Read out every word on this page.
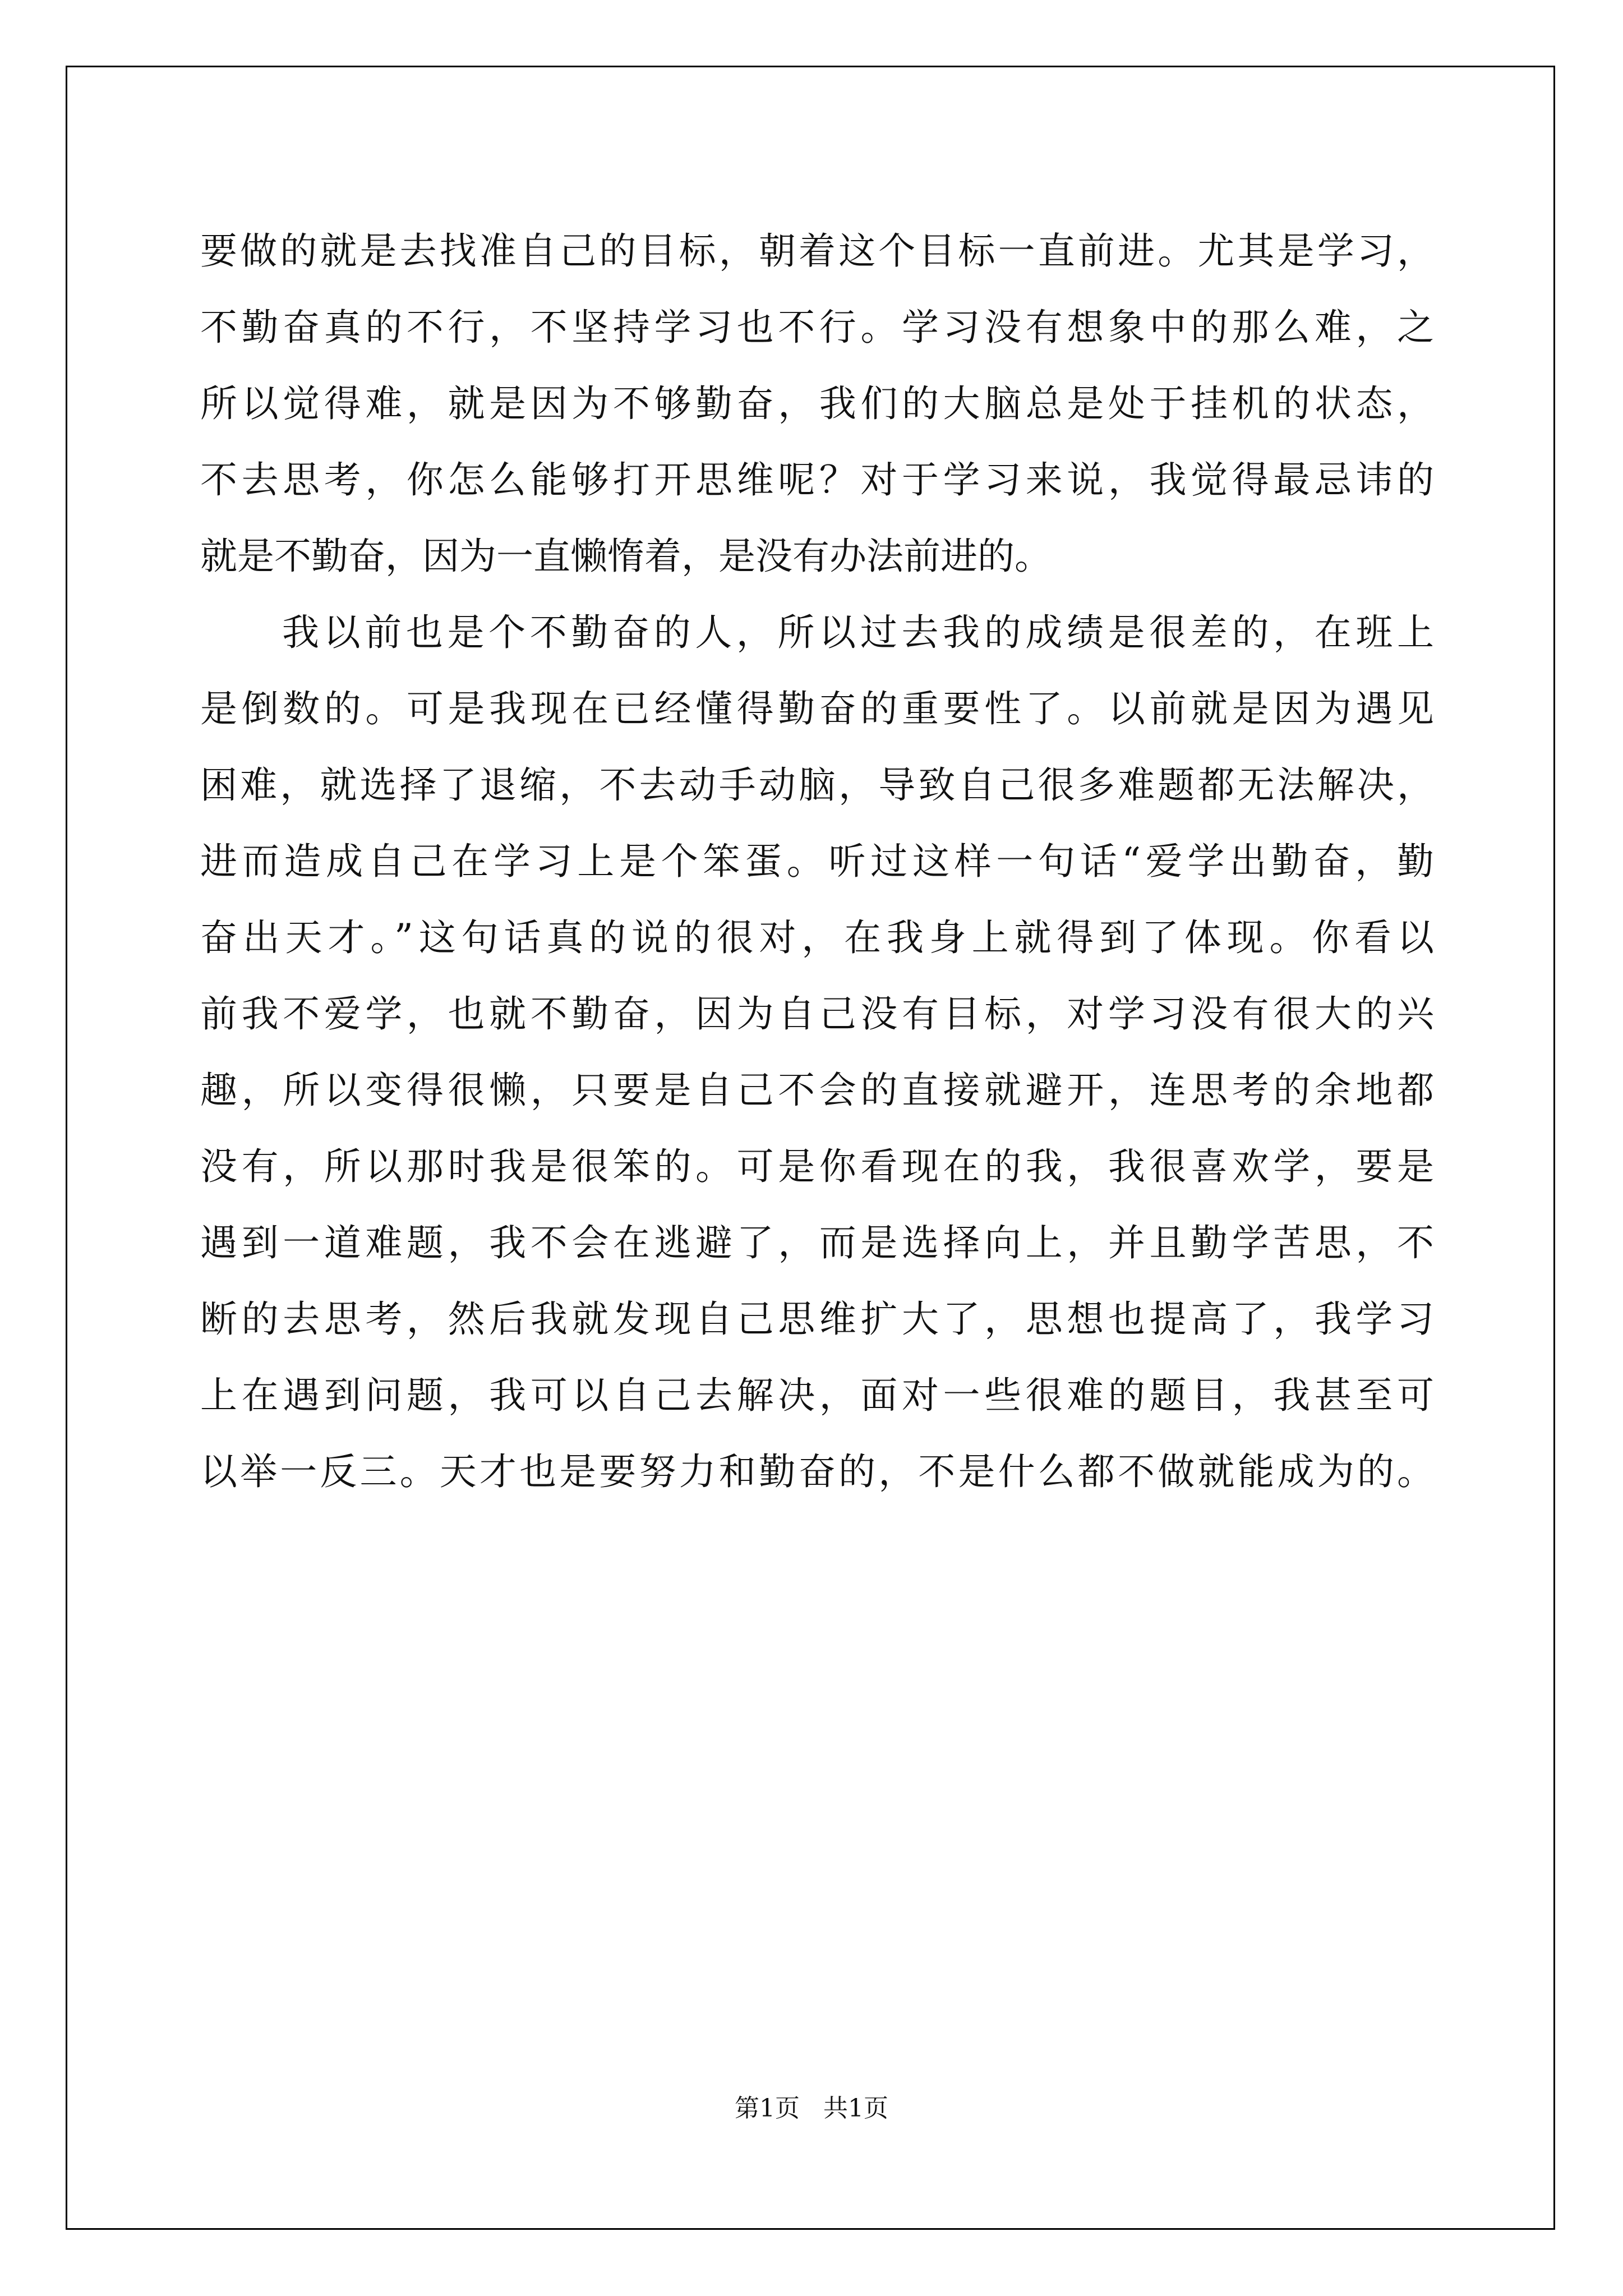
要做的就是去找准自己的目标，朝着这个目标一直前进。尤其是学习，
不勤奋真的不行，不坚持学习也不行。学习没有想象中的那么难，之
所以觉得难，就是因为不够勤奋，我们的大脑总是处于挂机的状态，
不去思考，你怎么能够打开思维呢？对于学习来说，我觉得最忌讳的
就是不勤奋，因为一直懒惰着，是没有办法前进的。
我以前也是个不勤奋的人，所以过去我的成绩是很差的，在班上
是倒数的。可是我现在已经懂得勤奋的重要性了。以前就是因为遇见
困难，就选择了退缩，不去动手动脑，导致自己很多难题都无法解决，
进而造成自己在学习上是个笨蛋。听过这样一句话“爱学出勤奋，勤
奋出天才。”这句话真的说的很对，在我身上就得到了体现。你看以
前我不爱学，也就不勤奋，因为自己没有目标，对学习没有很大的兴
趣，所以变得很懒，只要是自己不会的直接就避开，连思考的余地都
没有，所以那时我是很笨的。可是你看现在的我，我很喜欢学，要是
遇到一道难题，我不会在逃避了，而是选择向上，并且勤学苦思，不
断的去思考，然后我就发现自己思维扩大了，思想也提高了，我学习
上在遇到问题，我可以自己去解决，面对一些很难的题目，我甚至可
以举一反三。天才也是要努力和勤奋的，不是什么都不做就能成为的。
第1页   共1页
